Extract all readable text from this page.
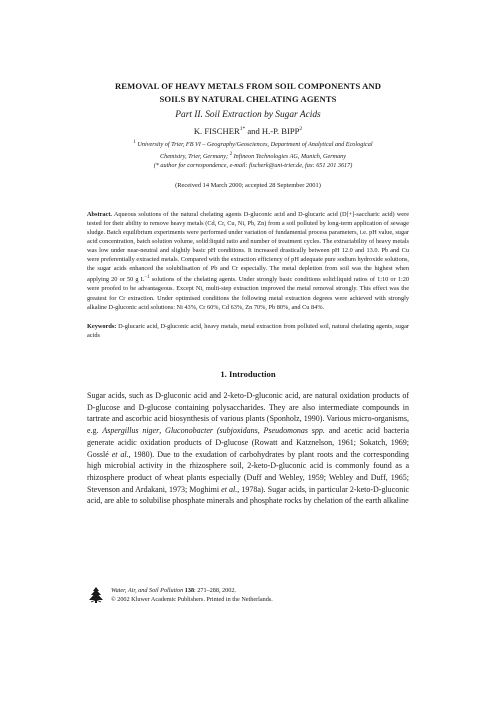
REMOVAL OF HEAVY METALS FROM SOIL COMPONENTS AND
SOILS BY NATURAL CHELATING AGENTS
Part II. Soil Extraction by Sugar Acids
K. $FISCHER^{1*}$ and H.-P. BIPP$^2$
$^1$ University of Trier, FB VI – Geography/Geosciences, Department of Analytical and Ecological
Chemistry, Trier, Germany; $^2$ Infineon Technologies AG, Munich, Germany
(* author for correspondence, e-mail: fischerk@uni-trier.de, fax: 651 201 3617)
(Received 14 March 2000; accepted 28 September 2001)
Abstract. Aqueous solutions of the natural chelating agents D-gluconic acid and D-glucaric acid (D[+]-saccharic acid) were tested for their ability to remove heavy metals (Cd, Cr, Cu, Ni, Pb, Zn) from a soil polluted by long-term application of sewage sludge. Batch equilibrium experiments were performed under variation of fundamental process parameters, i.e. pH value, sugar acid concentration, batch solution volume, solid:liquid ratio and number of treatment cycles. The extractability of heavy metals was low under near-neutral and slightly basic pH conditions. It increased drastically between pH 12.0 and 13.0. Pb and Cu were preferentially extracted metals. Compared with the extraction efficiency of pH adequate pure sodium hydroxide solutions, the sugar acids enhanced the solubilisation of Pb and Cr especially. The metal depletion from soil was the highest when applying 20 or 50 g $L^{-1}$ solutions of the chelating agents. Under strongly basic conditions solid:liquid ratios of 1:10 or 1:20 were proofed to be advantageous. Except Ni, multi-step extraction improved the metal removal strongly. This effect was the greatest for Cr extraction. Under optimised conditions the following metal extraction degrees were achieved with strongly alkaline D-gluconic acid solutions: Ni 43%, Cr 60%, Cd 63%, Zn 70%, Pb 80%, and Cu 84%.
Keywords: D-glucaric acid, D-gluconic acid, heavy metals, metal extraction from polluted soil, natural chelating agents, sugar acids
1. Introduction
Sugar acids, such as D-gluconic acid and 2-keto-D-gluconic acid, are natural oxidation products of D-glucose and D-glucose containing polysaccharides. They are also intermediate compounds in tartrate and ascorbic acid biosynthesis of various plants (Sponholz, 1990). Various micro-organisms, e.g. Aspergillus niger, Gluconobacter (subjoxidans, Pseudomonas spp. and acetic acid bacteria generate acidic oxidation products of D-glucose (Rowatt and Katznelson, 1961; Sokatch, 1969; Gosslé et al., 1980). Due to the exudation of carbohydrates by plant roots and the corresponding high microbial activity in the rhizosphere soil, 2-keto-D-gluconic acid is commonly found as a rhizosphere product of wheat plants especially (Duff and Webley, 1959; Webley and Duff, 1965; Stevenson and Ardakani, 1973; Moghimi et al., 1978a). Sugar acids, in particular 2-keto-D-gluconic acid, are able to solubilise phosphate minerals and phosphate rocks by chelation of the earth alkaline
Water, Air, and Soil Pollution 138: 271–288, 2002.
© 2002 Kluwer Academic Publishers. Printed in the Netherlands.
